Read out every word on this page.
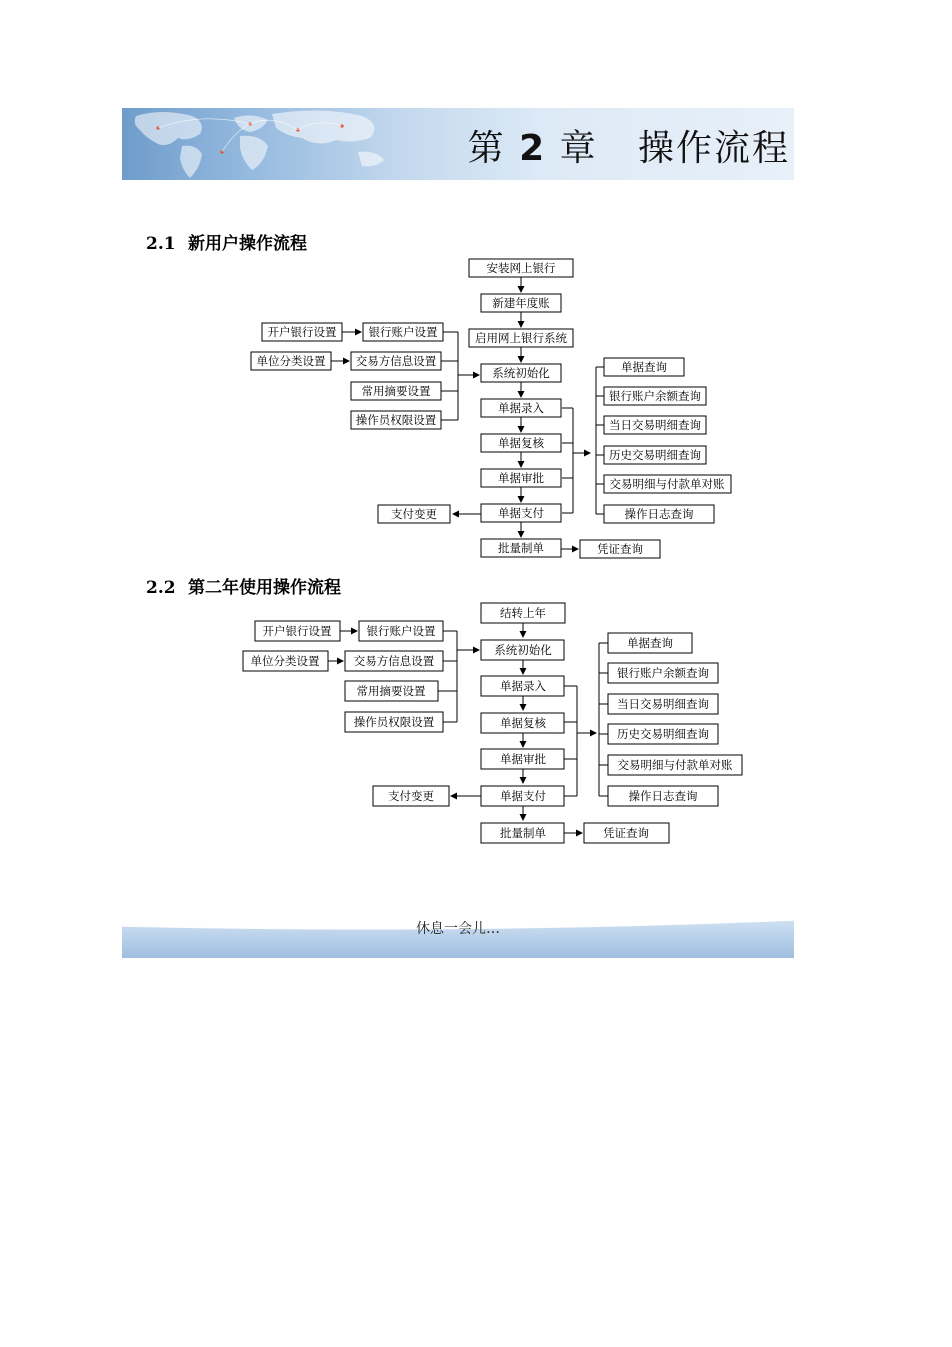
第 2 章 操作流程
2.1 新用户操作流程
安装网上银行
新建年度账
启用网上银行系统
系统初始化
单据录入
单据复核
单据审批
单据支付
批量制单
开户银行设置	银行账户设置
单位分类设置	交易方信息设置
常用摘要设置
操作员权限设置
单据查询
银行账户余额查询
当日交易明细查询
历史交易明细查询
交易明细与付款单对账
操作日志查询
支付变更
凭证查询
2.2 第二年使用操作流程
结转上年
系统初始化
单据录入
单据复核
单据审批
单据支付
批量制单
开户银行设置	银行账户设置
单位分类设置	交易方信息设置
常用摘要设置
操作员权限设置
单据查询
银行账户余额查询
当日交易明细查询
历史交易明细查询
交易明细与付款单对账
操作日志查询
支付变更
凭证查询
休息一会儿…
